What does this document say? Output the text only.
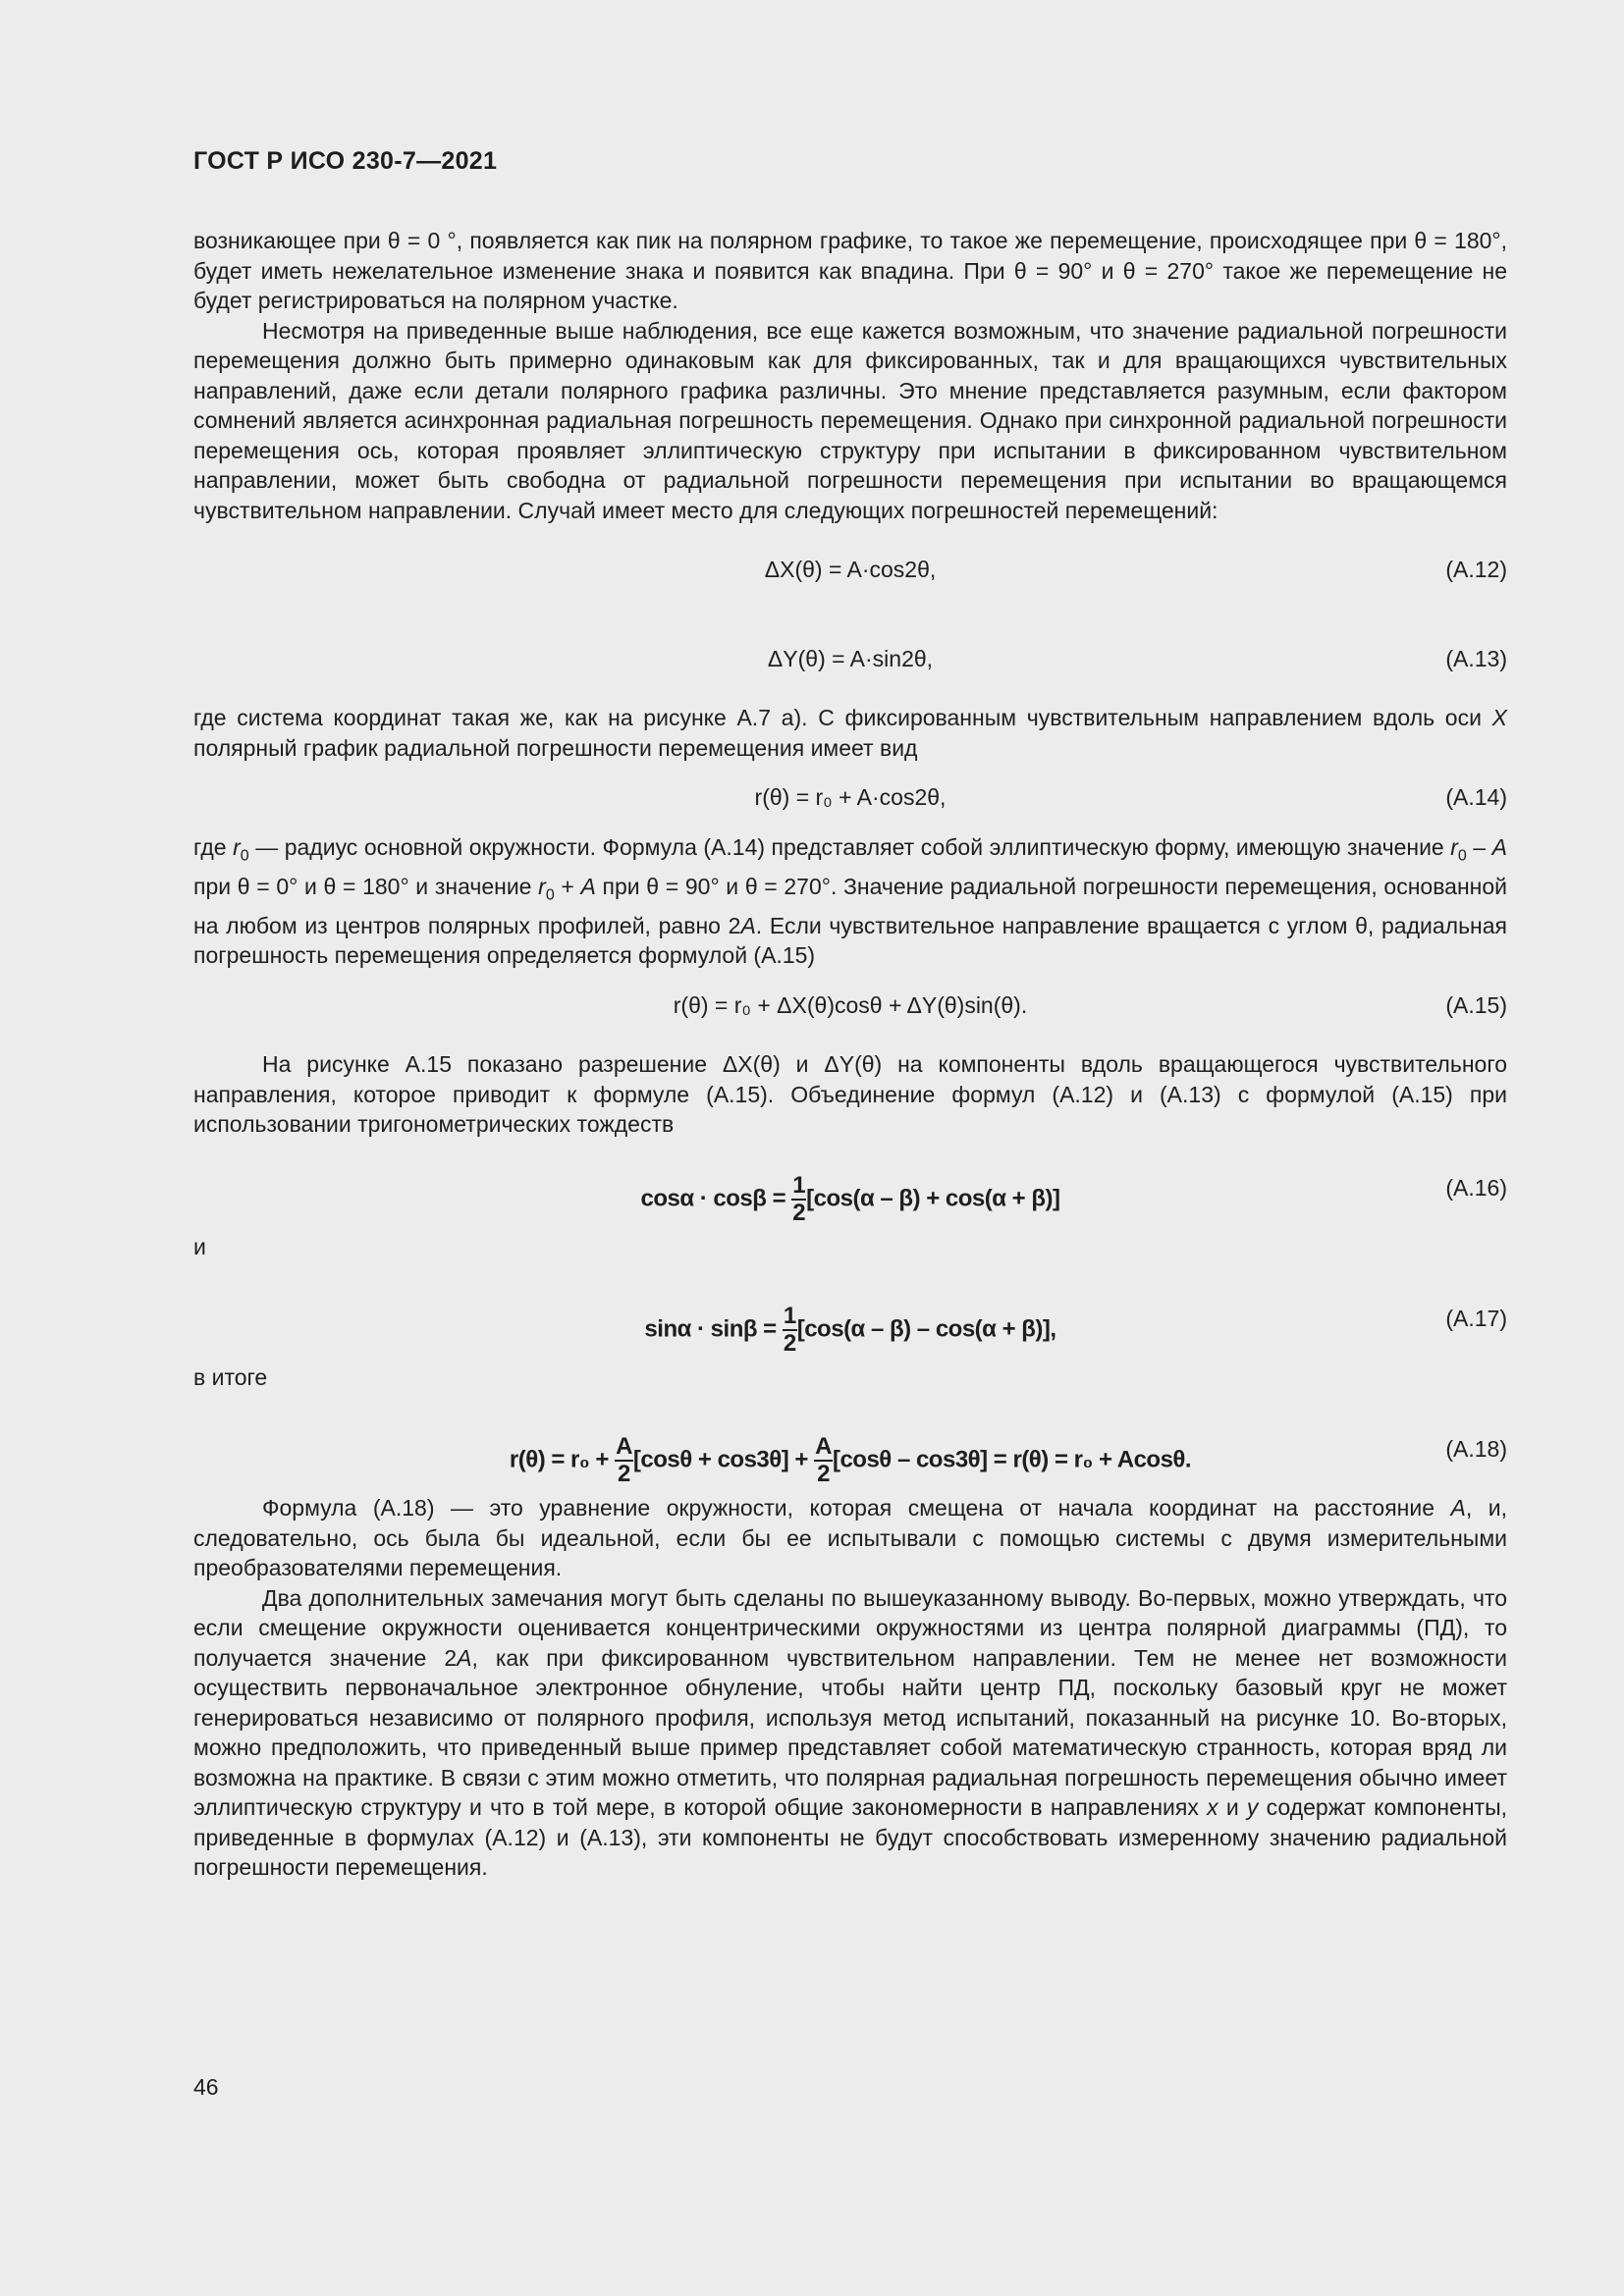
ГОСТ Р ИСО 230-7—2021

возникающее при θ = 0 °, появляется как пик на полярном графике, то такое же перемещение, происходящее при θ = 180°, будет иметь нежелательное изменение знака и появится как впадина. При θ = 90° и θ = 270° такое же перемещение не будет регистрироваться на полярном участке.

Несмотря на приведенные выше наблюдения, все еще кажется возможным, что значение радиальной погрешности перемещения должно быть примерно одинаковым как для фиксированных, так и для вращающихся чувствительных направлений, даже если детали полярного графика различны. Это мнение представляется разумным, если фактором сомнений является асинхронная радиальная погрешность перемещения. Однако при синхронной радиальной погрешности перемещения ось, которая проявляет эллиптическую структуру при испытании в фиксированном чувствительном направлении, может быть свободна от радиальной погрешности перемещения при испытании во вращающемся чувствительном направлении. Случай имеет место для следующих погрешностей перемещений:

ΔX(θ) = A·cos2θ,	(А.12)
ΔY(θ) = A·sin2θ,	(А.13)

где система координат такая же, как на рисунке А.7 а). С фиксированным чувствительным направлением вдоль оси X полярный график радиальной погрешности перемещения имеет вид

r(θ) = r₀ + A·cos2θ,	(А.14)

где $r_0$ — радиус основной окружности. Формула (А.14) представляет собой эллиптическую форму, имеющую значение $r_0$ – A при θ = 0° и θ = 180° и значение $r_0 + A$ при θ = 90° и θ = 270°. Значение радиальной погрешности перемещения, основанной на любом из центров полярных профилей, равно 2A. Если чувствительное направление вращается с углом θ, радиальная погрешность перемещения определяется формулой (А.15)

r(θ) = r₀ + ΔX(θ)cosθ + ΔY(θ)sin(θ).	(А.15)

На рисунке А.15 показано разрешение ΔX(θ) и ΔY(θ) на компоненты вдоль вращающегося чувствительного направления, которое приводит к формуле (А.15). Объединение формул (А.12) и (А.13) с формулой (А.15) при использовании тригонометрических тождеств

$\cos\alpha \cdot \cos\beta = \frac{1}{2} [\cos(\alpha - \beta) + \cos(\alpha + \beta)]$	(А.16)

и

$\sin\alpha \cdot \sin\beta = \frac{1}{2} [\cos(\alpha - \beta) - \cos(\alpha + \beta)]$,	(А.17)

в итоге

$r(\theta) = r_0 + \frac{A}{2} [\cos\theta + \cos 3\theta] + \frac{A}{2} [\cos\theta - \cos 3\theta] = r(\theta) = r_0 + Acos\theta$.	(А.18)

Формула (А.18) — это уравнение окружности, которая смещена от начала координат на расстояние A, и, следовательно, ось была бы идеальной, если бы ее испытывали с помощью системы с двумя измерительными преобразователями перемещения.

Два дополнительных замечания могут быть сделаны по вышеуказанному выводу. Во-первых, можно утверждать, что если смещение окружности оценивается концентрическими окружностями из центра полярной диаграммы (ПД), то получается значение 2A, как при фиксированном чувствительном направлении. Тем не менее нет возможности осуществить первоначальное электронное обнуление, чтобы найти центр ПД, поскольку базовый круг не может генерироваться независимо от полярного профиля, используя метод испытаний, показанный на рисунке 10. Во-вторых, можно предположить, что приведенный выше пример представляет собой математическую странность, которая вряд ли возможна на практике. В связи с этим можно отметить, что полярная радиальная погрешность перемещения обычно имеет эллиптическую структуру и что в той мере, в которой общие закономерности в направлениях x и y содержат компоненты, приведенные в формулах (А.12) и (А.13), эти компоненты не будут способствовать измеренному значению радиальной погрешности перемещения.

46
